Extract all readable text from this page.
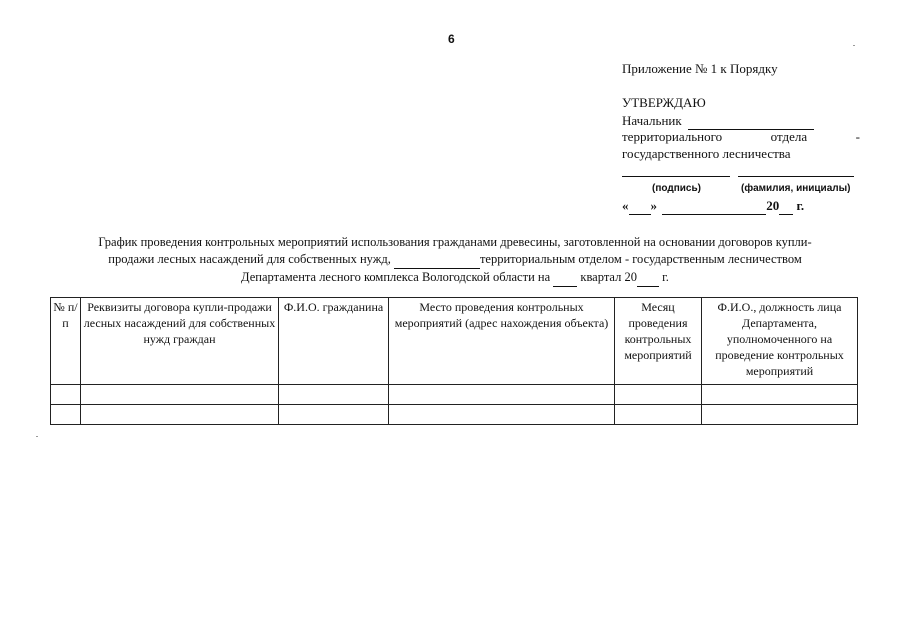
6
Приложение № 1 к Порядку
УТВЕРЖДАЮ
Начальник
территориального	отдела	-
государственного лесничества
(подпись)	(фамилия, инициалы)
« »	20 г.
График проведения контрольных мероприятий использования гражданами древесины, заготовленной на основании договоров купли-
продажи лесных насаждений для собственных нужд,	территориальным отделом - государственным лесничеством
Департамента лесного комплекса Вологодской области на квартал 20 г.
№ п/п	Реквизиты договора купли-продажи лесных насаждений для собственных нужд граждан	Ф.И.О. гражданина	Место проведения контрольных мероприятий (адрес нахождения объекта)	Месяц проведения контрольных мероприятий	Ф.И.О., должность лица Департамента, уполномоченного на проведение контрольных мероприятий
